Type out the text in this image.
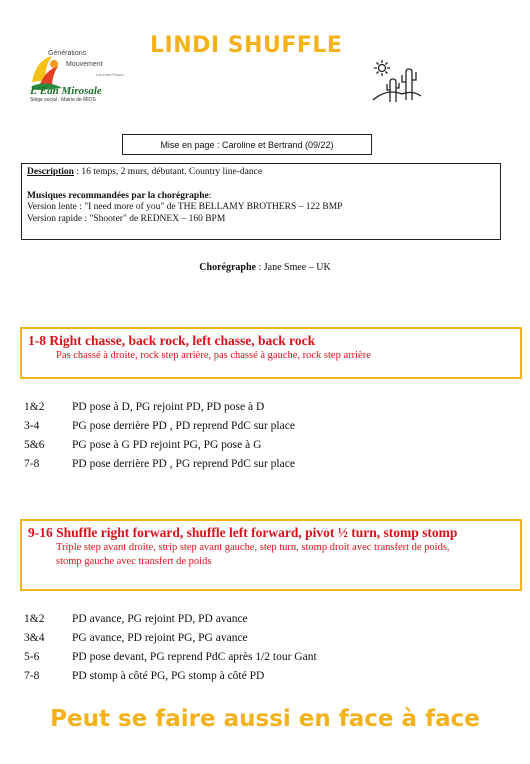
Générations
Mouvement
Les Aînés Ruraux
L'Ean Mirosale
Siège social : Mairie de MIOS
LINDI SHUFFLE
Mise en page : Caroline et Bertrand (09/22)
Description : 16 temps, 2 murs, débutant. Country line-dance
Musiques recommandées par la chorégraphe:
Version lente : "I need more of you" de THE BELLAMY BROTHERS – 122 BMP
Version rapide : "Shooter" de REDNEX – 160 BPM
Chorégraphe : Jane Smee – UK
1-8 Right chasse, back rock, left chasse, back rock
Pas chassé à droite, rock step arrière, pas chassé à gauche, rock step arrière
1&2	PD pose à D, PG rejoint PD, PD pose à D
3-4	PG pose derrière PD , PD reprend PdC sur place
5&6	PG pose à G PD rejoint PG, PG pose à G
7-8	PD pose derrière PD , PG reprend PdC sur place
9-16 Shuffle right forward, shuffle left forward, pivot ½ turn, stomp stomp
Triple step avant droite, strip step avant gauche, step turn, stomp droit avec transfert de poids,
stomp gauche avec transfert de poids
1&2	PD avance, PG rejoint PD, PD avance
3&4	PG avance, PD rejoint PG, PG avance
5-6	PD pose devant, PG reprend PdC après 1/2 tour Gant
7-8	PD stomp à côté PG, PG stomp à côté PD
Peut se faire aussi en face à face
